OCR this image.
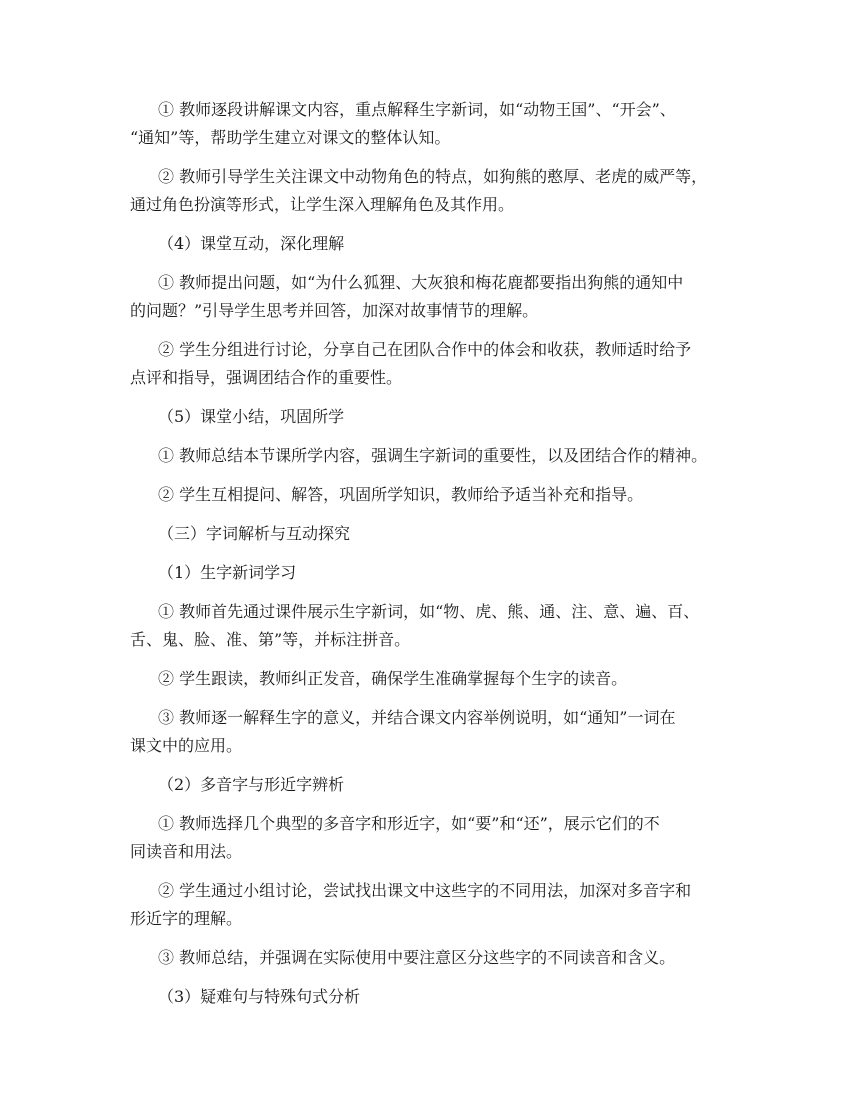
① 教师逐段讲解课文内容，重点解释生字新词，如“动物王国”、“开会”、
“通知”等，帮助学生建立对课文的整体认知。
② 教师引导学生关注课文中动物角色的特点，如狗熊的憨厚、老虎的威严等，
通过角色扮演等形式，让学生深入理解角色及其作用。
（4）课堂互动，深化理解
① 教师提出问题，如“为什么狐狸、大灰狼和梅花鹿都要指出狗熊的通知中
的问题？”引导学生思考并回答，加深对故事情节的理解。
② 学生分组进行讨论，分享自己在团队合作中的体会和收获，教师适时给予
点评和指导，强调团结合作的重要性。
（5）课堂小结，巩固所学
① 教师总结本节课所学内容，强调生字新词的重要性，以及团结合作的精神。
② 学生互相提问、解答，巩固所学知识，教师给予适当补充和指导。
（三）字词解析与互动探究
（1）生字新词学习
① 教师首先通过课件展示生字新词，如“物、虎、熊、通、注、意、遍、百、
舌、鬼、脸、准、第”等，并标注拼音。
② 学生跟读，教师纠正发音，确保学生准确掌握每个生字的读音。
③ 教师逐一解释生字的意义，并结合课文内容举例说明，如“通知”一词在
课文中的应用。
（2）多音字与形近字辨析
① 教师选择几个典型的多音字和形近字，如“要”和“还”，展示它们的不
同读音和用法。
② 学生通过小组讨论，尝试找出课文中这些字的不同用法，加深对多音字和
形近字的理解。
③ 教师总结，并强调在实际使用中要注意区分这些字的不同读音和含义。
（3）疑难句与特殊句式分析
